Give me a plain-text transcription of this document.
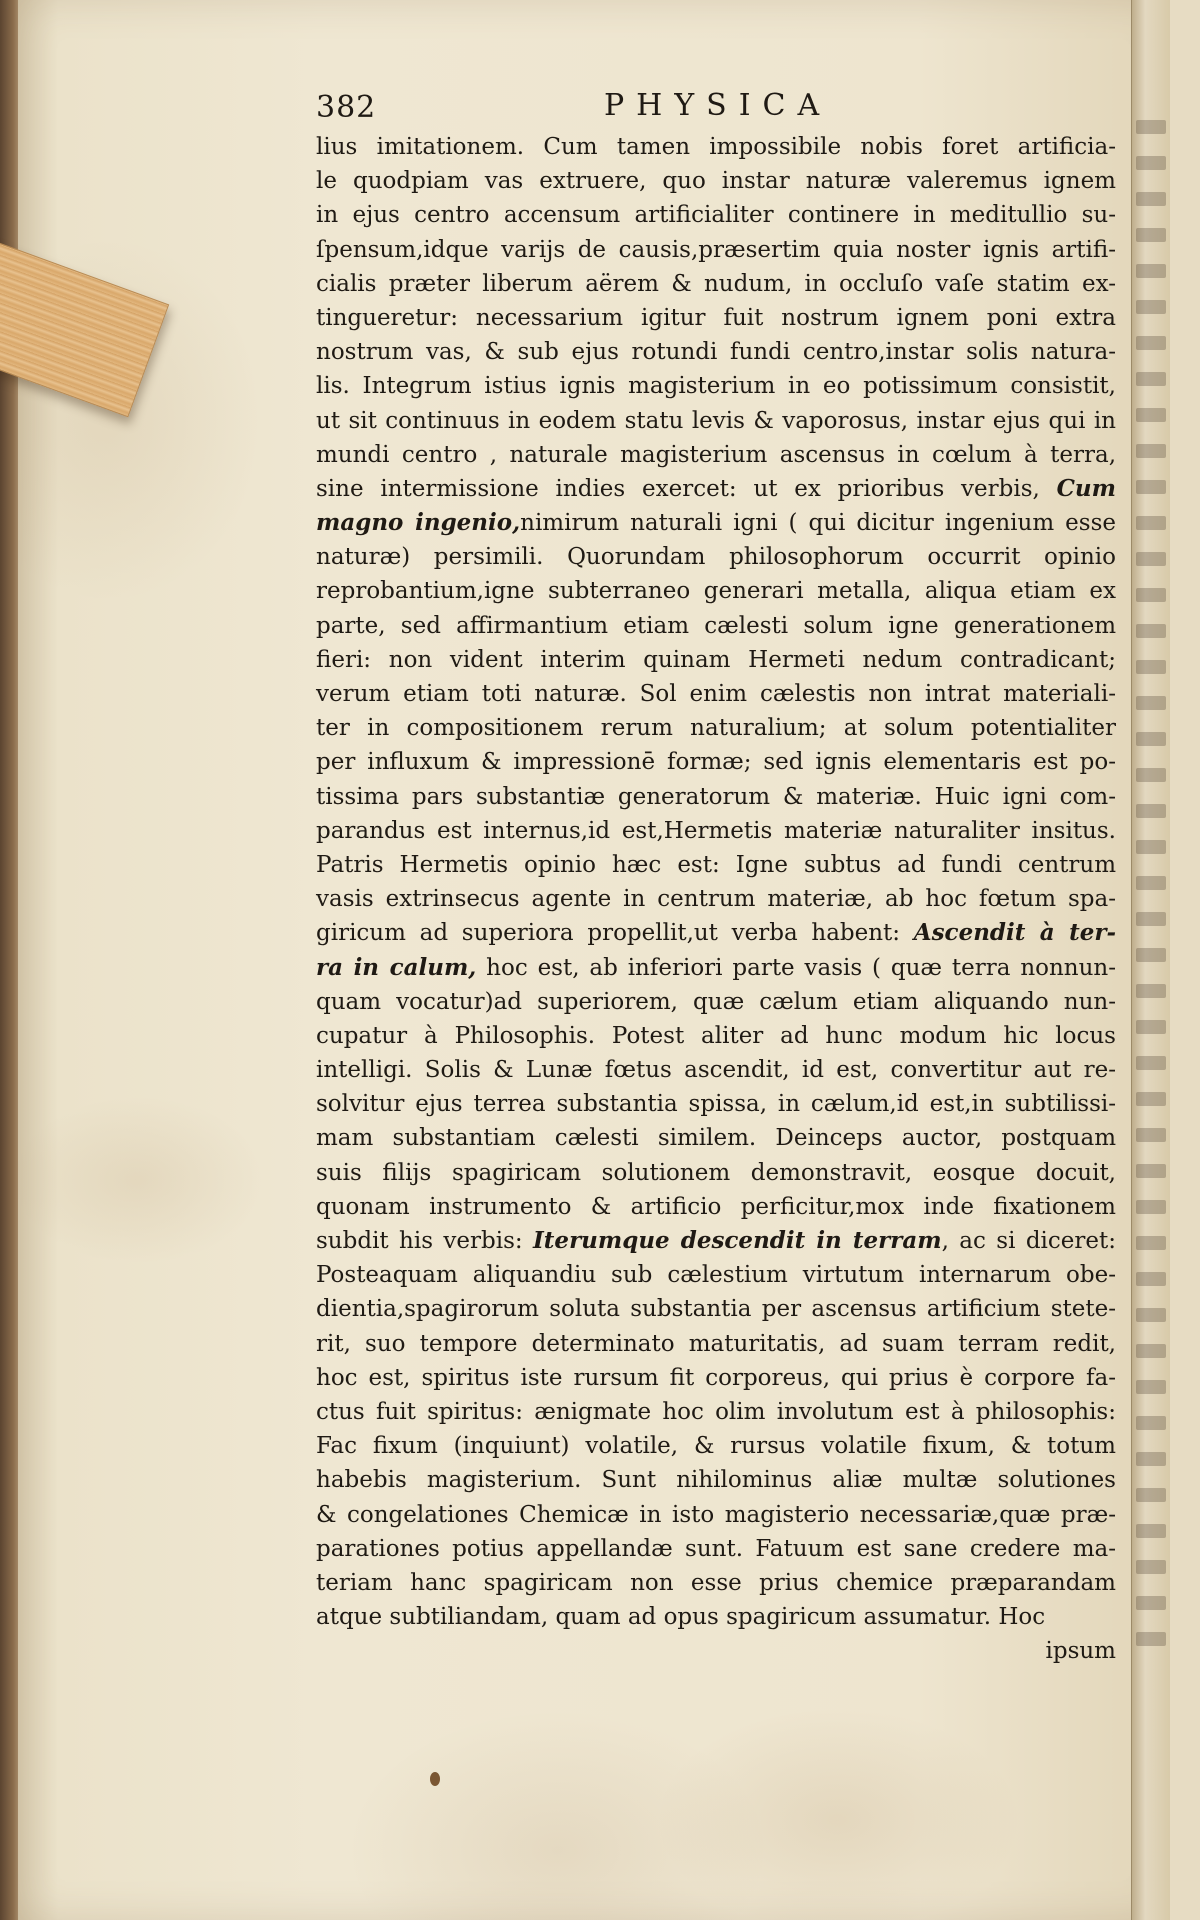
382	PHYSICA
lius imitationem. Cum tamen impossibile nobis foret artificia-
le quodpiam vas extruere, quo instar naturæ valeremus ignem
in ejus centro accensum artificialiter continere in meditullio su-
ſpensum,idque varijs de causis,præsertim quia noster ignis artifi-
cialis præter liberum aërem & nudum, in occluſo vaſe statim ex-
tingueretur: necessarium igitur fuit nostrum ignem poni extra
nostrum vas, & sub ejus rotundi fundi centro,instar solis natura-
lis. Integrum istius ignis magisterium in eo potissimum consistit,
ut sit continuus in eodem statu levis & vaporosus, instar ejus qui in
mundi centro , naturale magisterium ascensus in cœlum à terra,
sine intermissione indies exercet: ut ex prioribus verbis, Cum
magno ingenio,nimirum naturali igni ( qui dicitur ingenium esse
naturæ) persimili. Quorundam philosophorum occurrit opinio
reprobantium,igne subterraneo generari metalla, aliqua etiam ex
parte, sed affirmantium etiam cælesti solum igne generationem
fieri: non vident interim quinam Hermeti nedum contradicant;
verum etiam toti naturæ. Sol enim cælestis non intrat materiali-
ter in compositionem rerum naturalium; at solum potentialiter
per influxum & impressionē formæ; sed ignis elementaris est po-
tissima pars substantiæ generatorum & materiæ. Huic igni com-
parandus est internus,id est,Hermetis materiæ naturaliter insitus.
Patris Hermetis opinio hæc est: Igne subtus ad fundi centrum
vasis extrinsecus agente in centrum materiæ, ab hoc fœtum spa-
giricum ad superiora propellit,ut verba habent: Ascendit à ter-
ra in calum, hoc est, ab inferiori parte vasis ( quæ terra nonnun-
quam vocatur)ad superiorem, quæ cælum etiam aliquando nun-
cupatur à Philosophis. Potest aliter ad hunc modum hic locus
intelligi. Solis & Lunæ fœtus ascendit, id est, convertitur aut re-
solvitur ejus terrea substantia spissa, in cælum,id est,in subtilissi-
mam substantiam cælesti similem. Deinceps auctor, postquam
suis filijs spagiricam solutionem demonstravit, eosque docuit,
quonam instrumento & artificio perficitur,mox inde fixationem
subdit his verbis: Iterumque descendit in terram, ac si diceret:
Posteaquam aliquandiu sub cælestium virtutum internarum obe-
dientia,spagirorum soluta substantia per ascensus artificium stete-
rit, suo tempore determinato maturitatis, ad suam terram redit,
hoc est, spiritus iste rursum fit corporeus, qui prius è corpore fa-
ctus fuit spiritus: ænigmate hoc olim involutum est à philosophis:
Fac fixum (inquiunt) volatile, & rursus volatile fixum, & totum
habebis magisterium. Sunt nihilominus aliæ multæ solutiones
& congelationes Chemicæ in isto magisterio necessariæ,quæ præ-
parationes potius appellandæ sunt. Fatuum est sane credere ma-
teriam hanc spagiricam non esse prius chemice præparandam
atque subtiliandam, quam ad opus spagiricum assumatur. Hoc
ipsum
